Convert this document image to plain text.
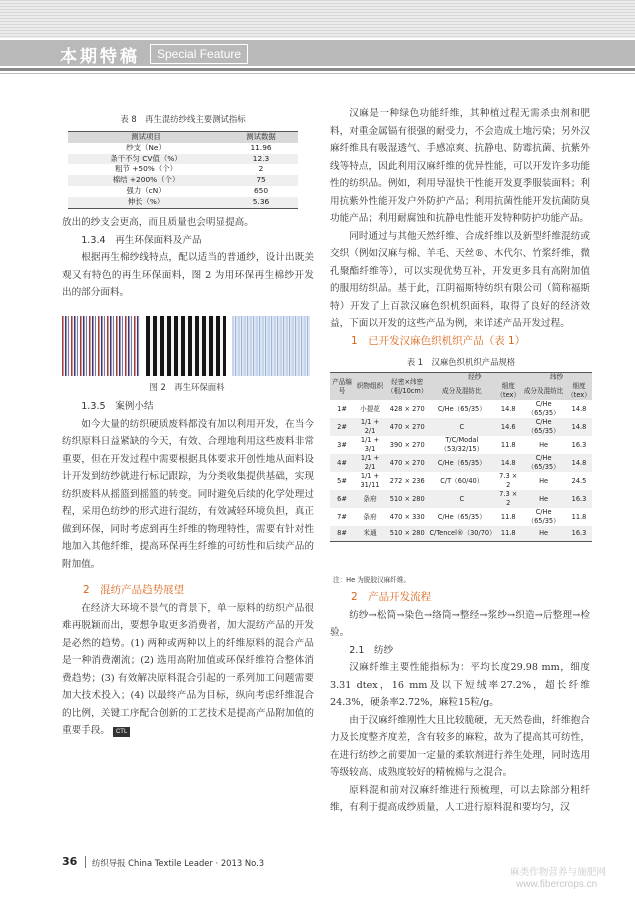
本期特稿	Special Feature
表 8　再生混纺纱线主要测试指标
测试项目	测试数据
纱支（Ne）	11.96
条干不匀 CV值（%）	12.3
粗节 +50%（个）	2
棉结 +200%（个）	75
强力（cN）	650
伸长（%）	5.36

放出的纱支会更高，而且质量也会明显提高。

1.3.4　再生环保面料及产品

根据再生棉纱线特点，配以适当的普通纱，设计出既美观又有特色的再生环保面料，图 2 为用环保再生棉纱开发出的部分面料。

图 2　再生环保面料

1.3.5　案例小结

如今大量的纺织硬质废料都没有加以利用开发，在当今纺织原料日益紧缺的今天，有效、合理地利用这些废料非常重要，但在开发过程中需要根据具体要求开创性地从面料设计开发到纺纱就进行标记跟踪，为分类收集提供基础，实现纺织废料从摇篮到摇篮的转变。同时避免后续的化学处理过程，采用色纺纱的形式进行混纺，有效减轻环境负担，真正做到环保，同时考虑到再生纤维的物理特性，需要有针对性地加入其他纤维，提高环保再生纤维的可纺性和后续产品的附加值。

2　混纺产品趋势展望

在经济大环境不景气的背景下，单一原料的纺织产品很难再脱颖而出，要想争取更多消费者，加大混纺产品的开发是必然的趋势。(1) 两种或两种以上的纤维原料的混合产品是一种消费潮流；(2) 选用高附加值或环保纤维符合整体消费趋势；(3) 有效解决原料混合引起的一系列加工问题需要加大技术投入；(4) 以最终产品为目标，纵向考虑纤维混合的比例，关键工序配合创新的工艺技术是提高产品附加值的重要手段。 CTL

汉麻是一种绿色功能纤维，其种植过程无需杀虫剂和肥料，对重金属镉有很强的耐受力，不会造成土地污染；另外汉麻纤维具有吸湿透气、手感凉爽、抗静电、防霉抗菌、抗紫外线等特点，因此利用汉麻纤维的优异性能，可以开发许多功能性的纺织品。例如，利用导湿快干性能开发夏季服装面料；利用抗紫外性能开发户外防护产品；利用抗菌性能开发抗菌防臭功能产品；利用耐腐蚀和抗静电性能开发特种防护功能产品。

同时通过与其他天然纤维、合成纤维以及新型纤维混纺或交织（例如汉麻与棉、羊毛、天丝®、木代尔、竹浆纤维，微孔聚酯纤维等），可以实现优势互补，开发更多具有高附加值的服用纺织品。基于此，江阴福斯特纺织有限公司（简称福斯特）开发了上百款汉麻色织机织面料，取得了良好的经济效益，下面以开发的这些产品为例，来详述产品开发过程。

1　已开发汉麻色织机织产品（表 1）

表 1　汉麻色织机织产品规格
产品编号	织物组织	经密×纬密（根/10cm）	经纱		纬纱	
			成分及混纺比	细度（tex）	成分及混纺比	细度（tex）
1#	小提花	428 × 270	C/He（65/35）	14.8	C/He（65/35）	14.8
2#	1/1 + 2/1	470 × 270	C	14.6	C/He（65/35）	14.8
3#	1/1 + 3/1	390 × 270	T/C/Modal（53/32/15）	11.8	He	16.3
4#	1/1 + 2/1	470 × 270	C/He（65/35）	14.8	C/He（65/35）	14.8
5#	1/1 + 31/11	272 × 236	C/T（60/40）	7.3 × 2	He	24.5
6#	条府	510 × 280	C	7.3 × 2	He	16.3
7#	条府	470 × 330	C/He（65/35）	11.8	C/He（65/35）	11.8
8#	米通	510 × 280	C/Tencel®（30/70）	11.8	He	16.3
注：He 为脱胶汉麻纤维。

2　产品开发流程

纺纱→松筒→染色→络筒→整经→浆纱→织造→后整理→检验。

2.1　纺纱

汉麻纤维主要性能指标为：平均长度29.98 mm，细度3.31 dtex，16 mm及以下短绒率27.2%，超长纤维24.3%，硬条率2.72%，麻粒15粒/g。

由于汉麻纤维刚性大且比较脆硬，无天然卷曲，纤维抱合力及长度整齐度差，含有较多的麻粒，故为了提高其可纺性，在进行纺纱之前要加一定量的柔软剂进行养生处理，同时选用等级较高、成熟度较好的精梳棉与之混合。

原料混和前对汉麻纤维进行预梳理，可以去除部分粗纤维，有利于提高成纱质量，人工进行原料混和要均匀，汉

36 纺织导报 China Textile Leader · 2013 No.3
麻类作物营养与施肥网
www.fibercrops.cn
